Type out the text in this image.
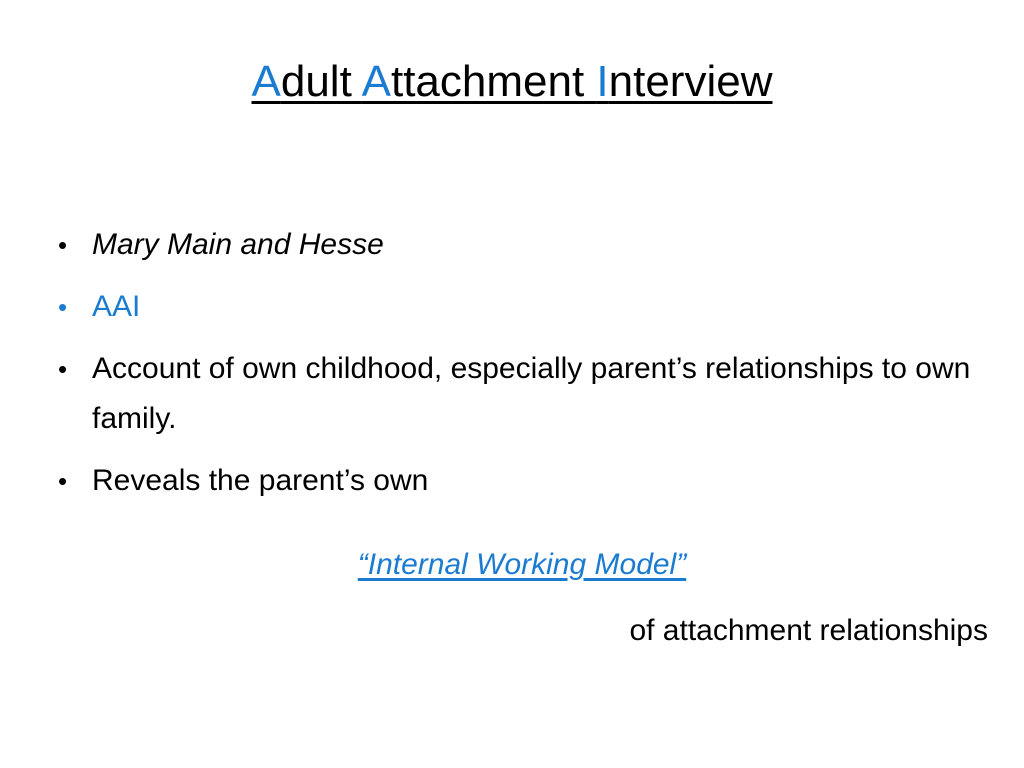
Adult Attachment Interview
• Mary Main and Hesse
• AAI
• Account of own childhood, especially parent’s relationships to own family.
• Reveals the parent’s own
“Internal Working Model”
of attachment relationships
